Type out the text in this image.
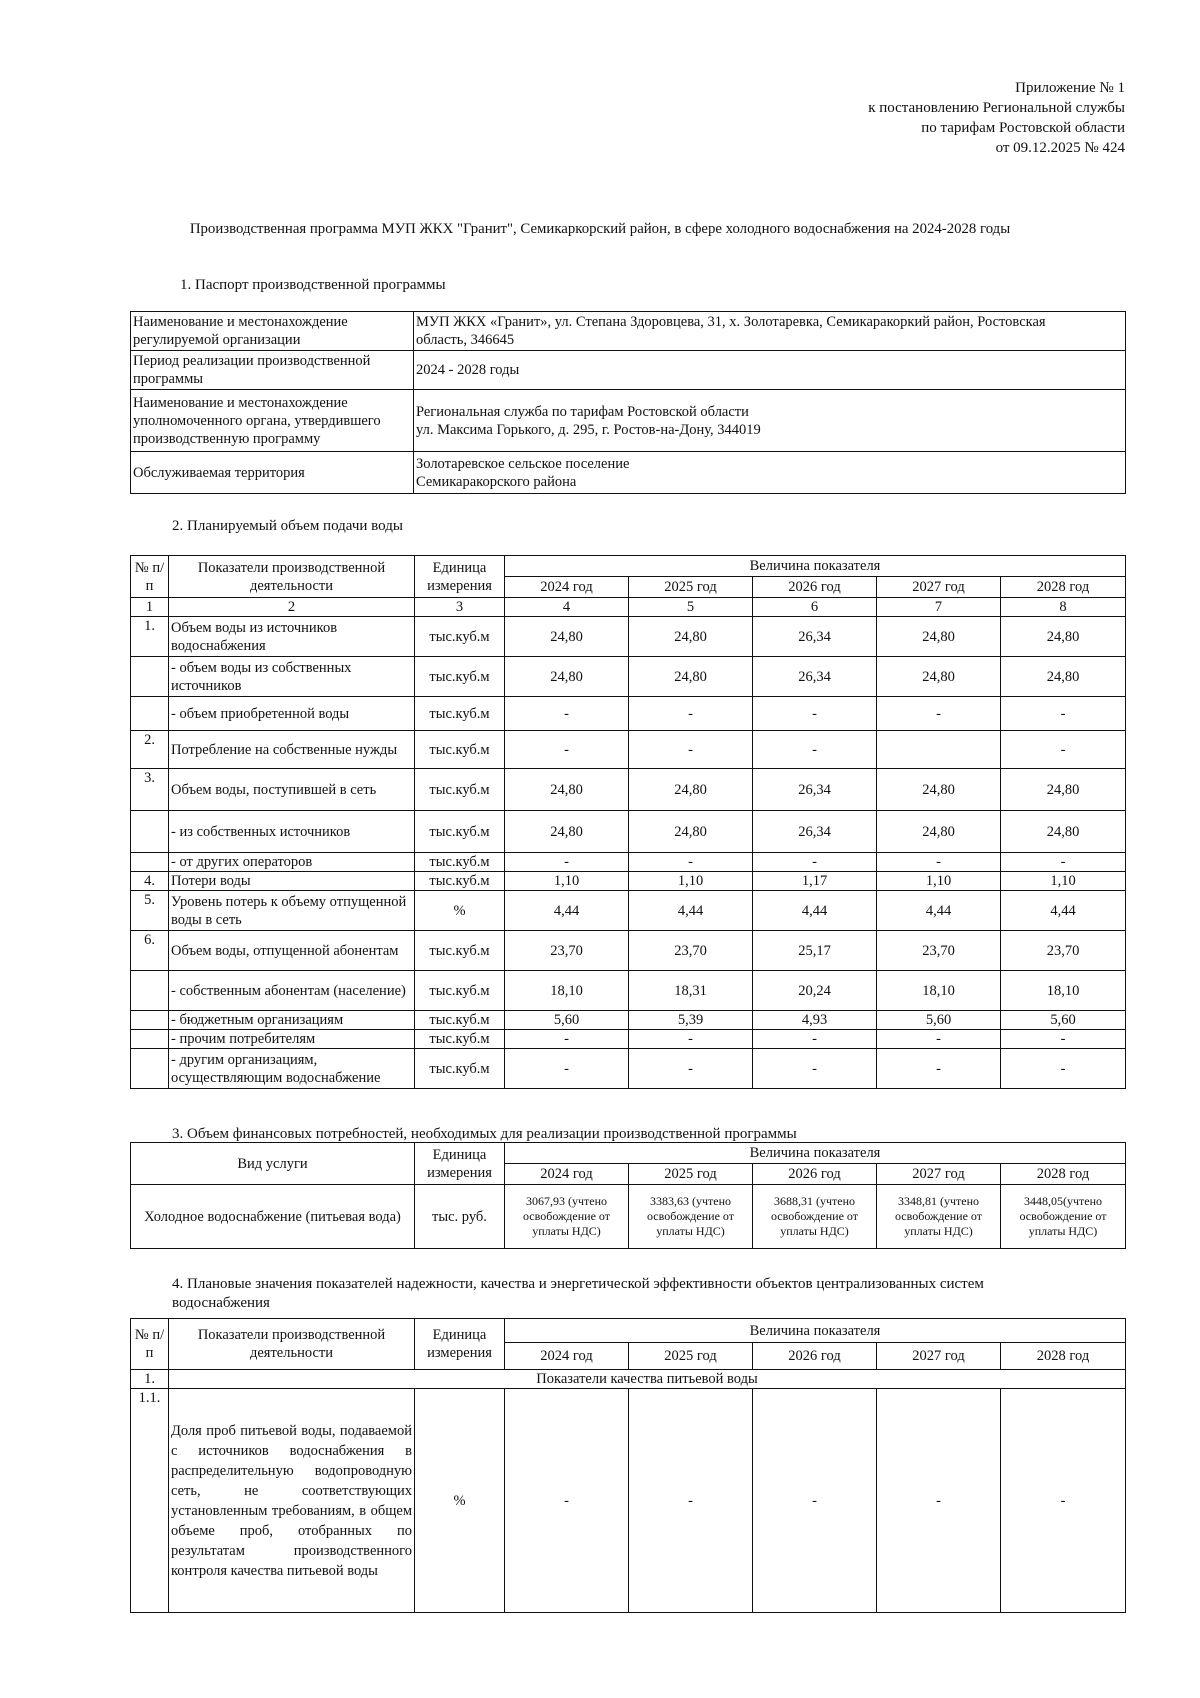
Приложение № 1
к постановлению Региональной службы
по тарифам Ростовской области
от 09.12.2025 № 424
Производственная программа МУП ЖКХ "Гранит", Семикаркорский район, в сфере холодного водоснабжения на 2024-2028 годы
1. Паспорт производственной программы
Наименование и местонахождение регулируемой организации	МУП ЖКХ «Гранит», ул. Степана Здоровцева, 31, х. Золотаревка, Семикаракоркий район, Ростовская
область, 346645

Период реализации производственной программы	2024 - 2028 годы
Наименование и местонахождение уполномоченного органа, утвердившего производственную программу	Региональная служба по тарифам Ростовской области
ул. Максима Горького, д. 295, г. Ростов-на-Дону, 344019

Обслуживаемая территория	Золотаревское сельское поселение
Семикаракорского района
2. Планируемый объем подачи воды
№ п/п	Показатели производственной деятельности	Единица измерения	Величина показателя				
			2024 год	2025 год	2026 год	2027 год	2028 год
1	2	3	4	5	6	7	8
1.	Объем воды из источников водоснабжения	тыс.куб.м	24,80	24,80	26,34	24,80	24,80
	- объем воды из собственных источников	тыс.куб.м	24,80	24,80	26,34	24,80	24,80
	- объем приобретенной воды	тыс.куб.м	-	-	-	-	-
2.	Потребление на собственные нужды	тыс.куб.м	-	-	-		-
3.	Объем воды, поступившей в сеть	тыс.куб.м	24,80	24,80	26,34	24,80	24,80
	- из собственных источников	тыс.куб.м	24,80	24,80	26,34	24,80	24,80
	- от других операторов	тыс.куб.м	-	-	-	-	-
4.	Потери воды	тыс.куб.м	1,10	1,10	1,17	1,10	1,10
5.	Уровень потерь к объему отпущенной воды в сеть	%	4,44	4,44	4,44	4,44	4,44
6.	Объем воды, отпущенной абонентам	тыс.куб.м	23,70	23,70	25,17	23,70	23,70
	- собственным абонентам (население)	тыс.куб.м	18,10	18,31	20,24	18,10	18,10
	- бюджетным организациям	тыс.куб.м	5,60	5,39	4,93	5,60	5,60
	- прочим потребителям	тыс.куб.м	-	-	-	-	-
	- другим организациям, осуществляющим водоснабжение	тыс.куб.м	-	-	-	-	-
3. Объем финансовых потребностей, необходимых для реализации производственной программы
Вид услуги	Единица измерения	Величина показателя				
		2024 год	2025 год	2026 год	2027 год	2028 год
Холодное водоснабжение (питьевая вода)	тыс. руб.	3067,93 (учтено освобождение от уплаты НДС)	3383,63 (учтено освобождение от уплаты НДС)	3688,31 (учтено освобождение от уплаты НДС)	3348,81 (учтено освобождение от уплаты НДС)	3448,05(учтено освобождение от уплаты НДС)
4. Плановые значения показателей надежности, качества и энергетической эффективности объектов централизованных систем водоснабжения
№ п/п	Показатели производственной деятельности	Единица измерения	Величина показателя				
			2024 год	2025 год	2026 год	2027 год	2028 год
1.	Показатели качества питьевой воды						
1.1.	Доля проб питьевой воды, подаваемой с источников водоснабжения в распределительную водопроводную сеть, не соответствующих установленным требованиям, в общем объеме проб, отобранных по результатам производственного контроля качества питьевой воды	%	-	-	-	-	-
